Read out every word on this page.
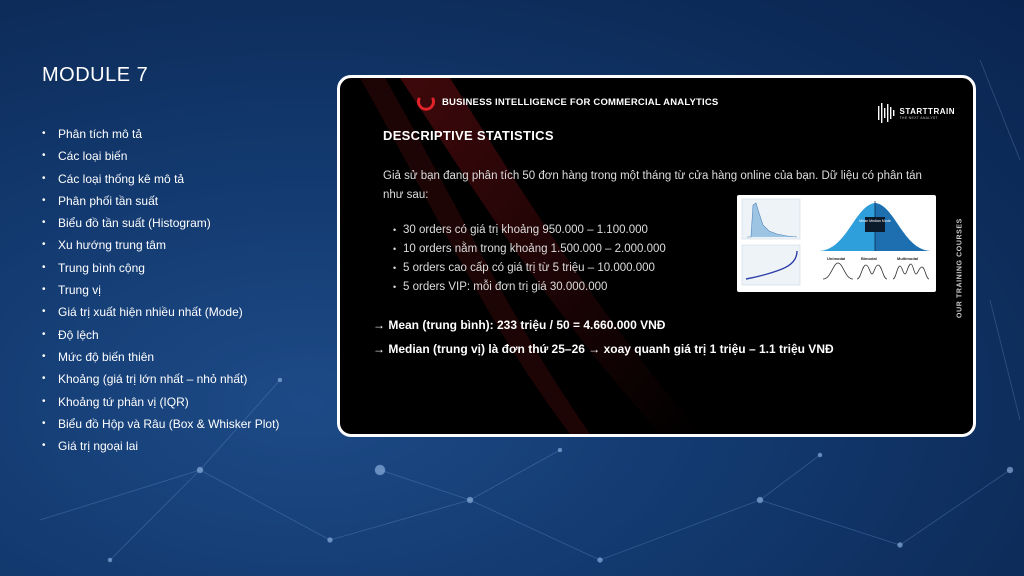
MODULE 7
• Phân tích mô tả
• Các loại biến
• Các loại thống kê mô tả
• Phân phối tần suất
• Biểu đồ tần suất (Histogram)
• Xu hướng trung tâm
• Trung bình cộng
• Trung vị
• Giá trị xuất hiện nhiều nhất (Mode)
• Độ lệch
• Mức độ biến thiên
• Khoảng (giá trị lớn nhất – nhỏ nhất)
• Khoảng tứ phân vị (IQR)
• Biểu đồ Hộp và Râu (Box & Whisker Plot)
• Giá trị ngoại lai
BUSINESS INTELLIGENCE FOR COMMERCIAL ANALYTICS
STARTTRAIN
THE NEXT ANALYST
DESCRIPTIVE STATISTICS
Giả sử bạn đang phân tích 50 đơn hàng trong một tháng từ cửa hàng online của bạn. Dữ liệu có phân tán như sau:
• 30 orders có giá trị khoảng 950.000 – 1.100.000
• 10 orders nằm trong khoảng 1.500.000 – 2.000.000
• 5 orders cao cấp có giá trị từ 5 triệu – 10.000.000
• 5 orders VIP: mỗi đơn trị giá 30.000.000
Mean Median Mode
Unimodal	Bimodal	Multimodal
→ Mean (trung bình): 233 triệu / 50 = 4.660.000 VNĐ
→ Median (trung vị) là đơn thứ 25–26 → xoay quanh giá trị 1 triệu – 1.1 triệu VNĐ
OUR TRAINING COURSES
